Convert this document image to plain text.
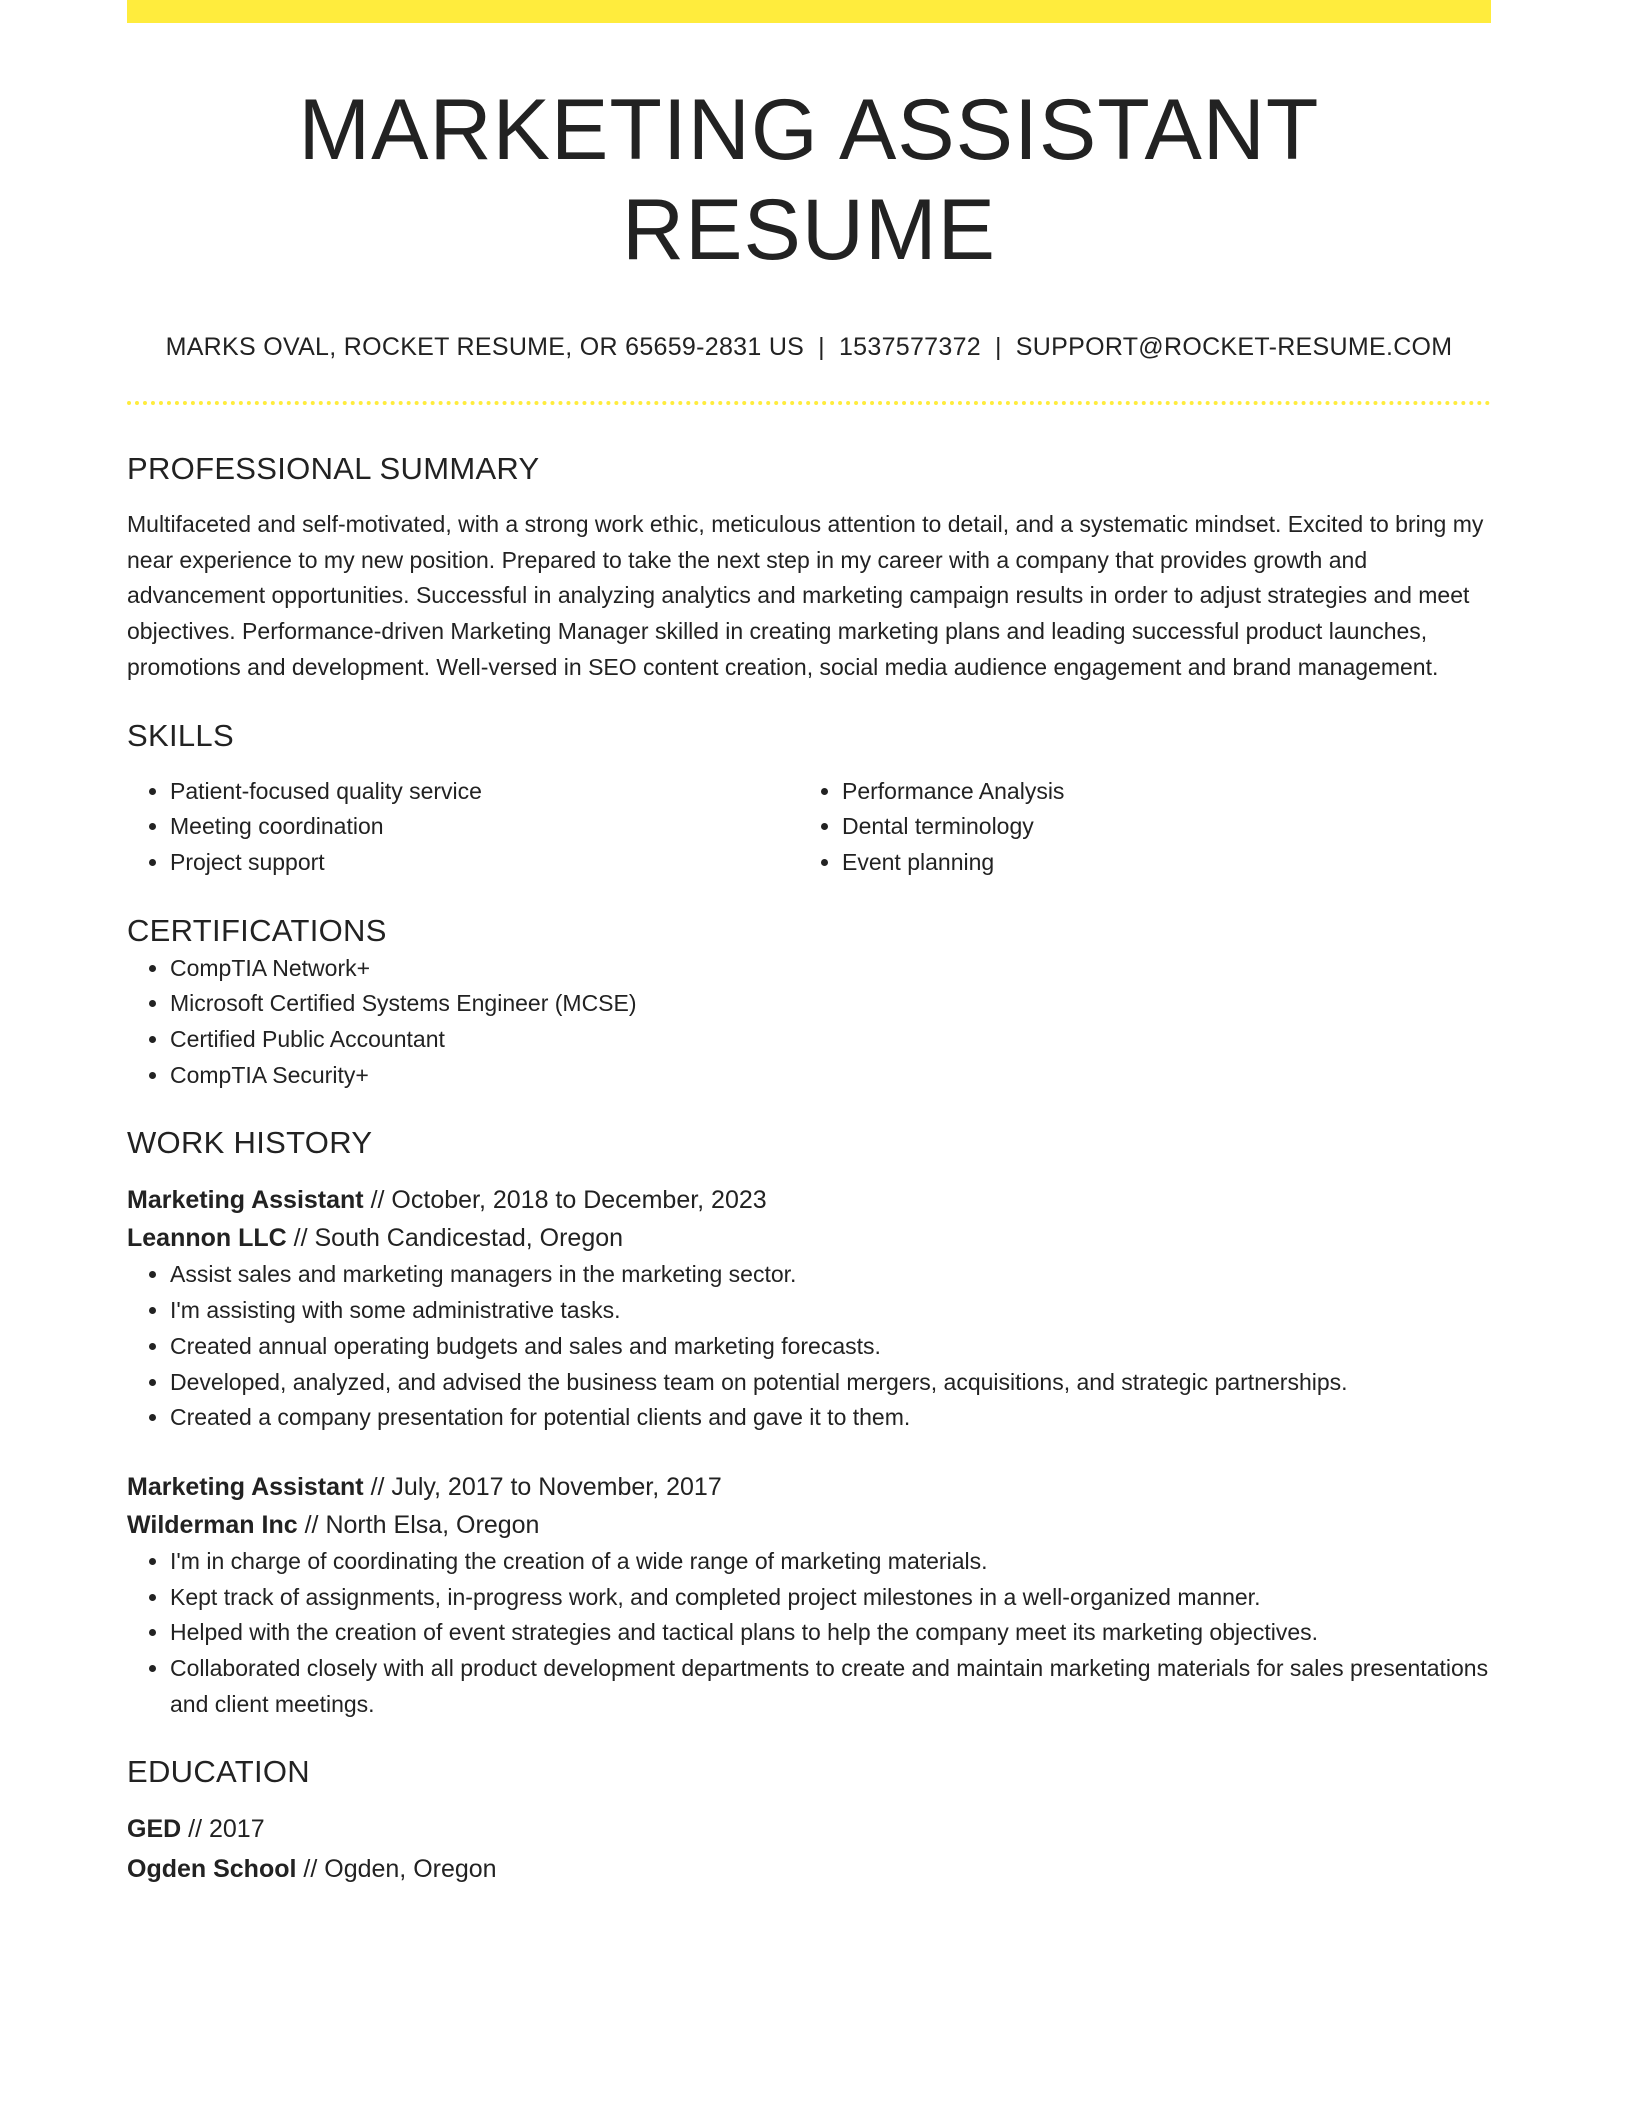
MARKETING ASSISTANT RESUME
MARKS OVAL, ROCKET RESUME, OR 65659-2831 US | 1537577372 | SUPPORT@ROCKET-RESUME.COM
PROFESSIONAL SUMMARY

Multifaceted and self-motivated, with a strong work ethic, meticulous attention to detail, and a systematic mindset. Excited to bring my near experience to my new position. Prepared to take the next step in my career with a company that provides growth and advancement opportunities. Successful in analyzing analytics and marketing campaign results in order to adjust strategies and meet objectives. Performance-driven Marketing Manager skilled in creating marketing plans and leading successful product launches, promotions and development. Well-versed in SEO content creation, social media audience engagement and brand management.

SKILLS
• Patient-focused quality service
• Meeting coordination
• Project support
• Performance Analysis
• Dental terminology
• Event planning
CERTIFICATIONS
• CompTIA Network+
• Microsoft Certified Systems Engineer (MCSE)
• Certified Public Accountant
• CompTIA Security+
WORK HISTORY
Marketing Assistant // October, 2018 to December, 2023
Leannon LLC // South Candicestad, Oregon
• Assist sales and marketing managers in the marketing sector.
• I'm assisting with some administrative tasks.
• Created annual operating budgets and sales and marketing forecasts.
• Developed, analyzed, and advised the business team on potential mergers, acquisitions, and strategic partnerships.
• Created a company presentation for potential clients and gave it to them.
Marketing Assistant // July, 2017 to November, 2017
Wilderman Inc // North Elsa, Oregon
• I'm in charge of coordinating the creation of a wide range of marketing materials.
• Kept track of assignments, in-progress work, and completed project milestones in a well-organized manner.
• Helped with the creation of event strategies and tactical plans to help the company meet its marketing objectives.
• Collaborated closely with all product development departments to create and maintain marketing materials for sales presentations and client meetings.
EDUCATION
GED // 2017
Ogden School // Ogden, Oregon
